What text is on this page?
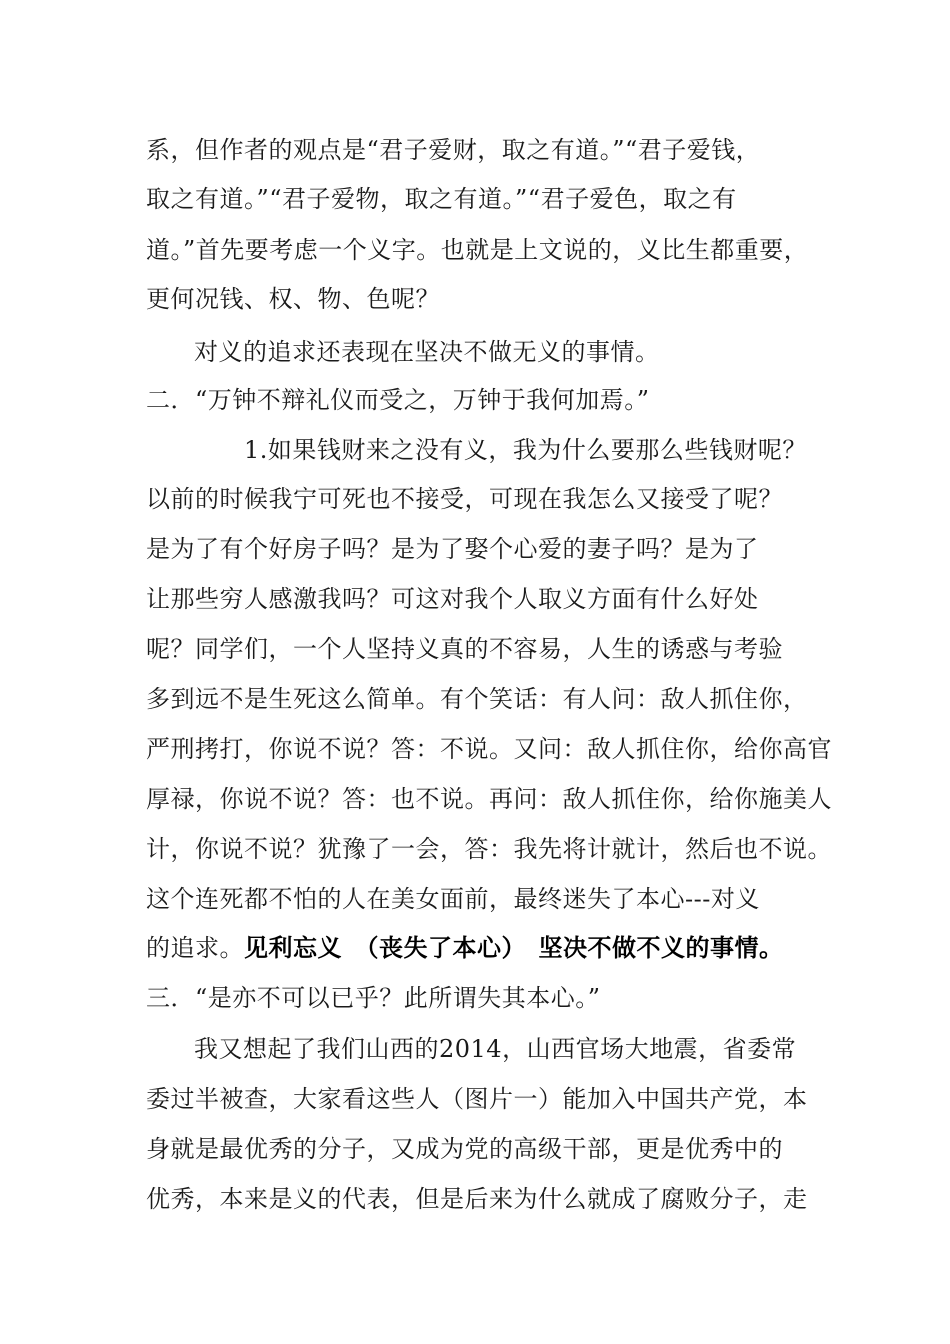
系，但作者的观点是“君子爱财，取之有道。”“君子爱钱，
取之有道。”“君子爱物，取之有道。”“君子爱色，取之有
道。”首先要考虑一个义字。也就是上文说的，义比生都重要，
更何况钱、权、物、色呢？
对义的追求还表现在坚决不做无义的事情。
二．“万钟不辩礼仪而受之，万钟于我何加焉。”
1.如果钱财来之没有义，我为什么要那么些钱财呢？
以前的时候我宁可死也不接受，可现在我怎么又接受了呢？
是为了有个好房子吗？是为了娶个心爱的妻子吗？是为了
让那些穷人感激我吗？可这对我个人取义方面有什么好处
呢？同学们，一个人坚持义真的不容易，人生的诱惑与考验
多到远不是生死这么简单。有个笑话：有人问：敌人抓住你，
严刑拷打，你说不说？答：不说。又问：敌人抓住你，给你高官
厚禄，你说不说？答：也不说。再问：敌人抓住你，给你施美人
计，你说不说？犹豫了一会，答：我先将计就计，然后也不说。
这个连死都不怕的人在美女面前，最终迷失了本心---对义
的追求。见利忘义　（丧失了本心）　坚决不做不义的事情。
三．“是亦不可以已乎？此所谓失其本心。”
我又想起了我们山西的2014，山西官场大地震，省委常
委过半被查，大家看这些人（图片一）能加入中国共产党，本
身就是最优秀的分子，又成为党的高级干部，更是优秀中的
优秀，本来是义的代表，但是后来为什么就成了腐败分子，走
